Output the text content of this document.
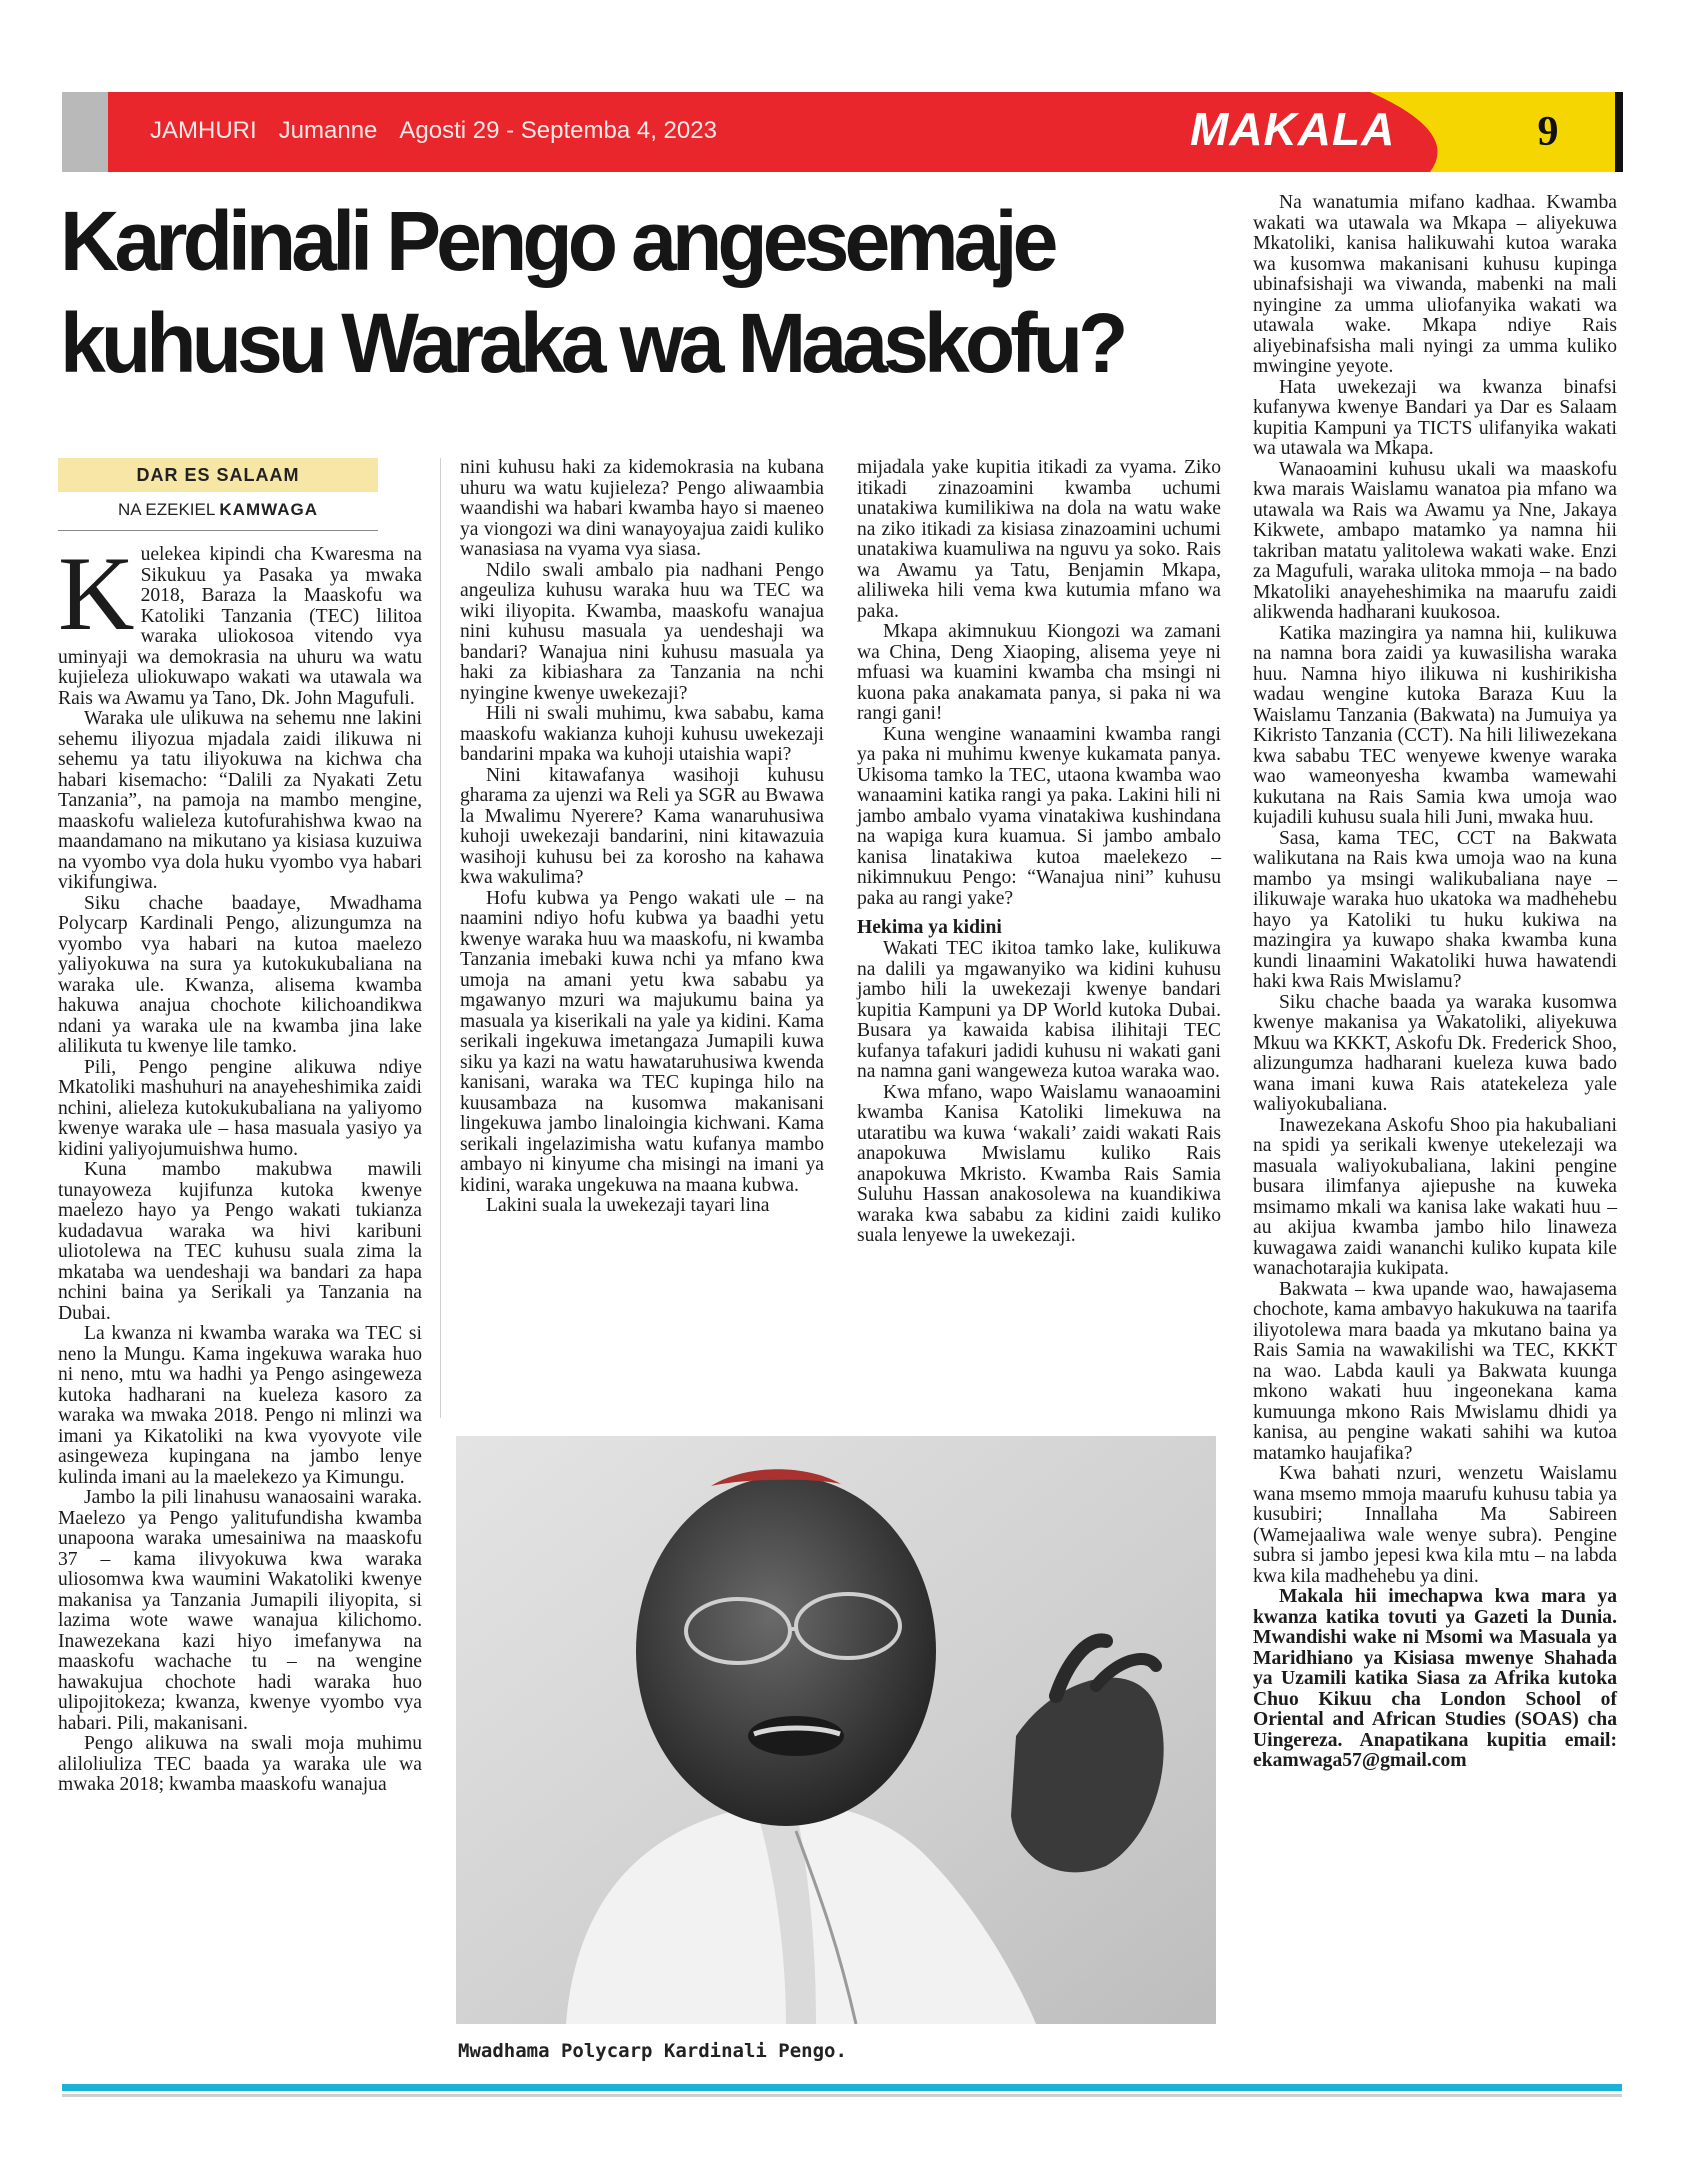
JAMHURI Jumanne Agosti 29 - Septemba 4, 2023	MAKALA	9
Kardinali Pengo angesemaje
kuhusu Waraka wa Maaskofu?
DAR ES SALAAM
NA EZEKIEL KAMWAGA

Kuelekea kipindi cha Kwaresma na Sikukuu ya Pasaka ya mwaka 2018, Baraza la Maaskofu wa Katoliki Tanzania (TEC) lilitoa waraka uliokosoa vitendo vya uminyaji wa demokrasia na uhuru wa watu kujieleza uliokuwapo wakati wa utawala wa Rais wa Awamu ya Tano, Dk. John Magufuli.

Waraka ule ulikuwa na sehemu nne lakini sehemu iliyozua mjadala zaidi ilikuwa ni sehemu ya tatu iliyokuwa na kichwa cha habari kisemacho: “Dalili za Nyakati Zetu Tanzania”, na pamoja na mambo mengine, maaskofu walieleza kutofurahishwa kwao na maandamano na mikutano ya kisiasa kuzuiwa na vyombo vya dola huku vyombo vya habari vikifungiwa.

Siku chache baadaye, Mwadhama Polycarp Kardinali Pengo, alizungumza na vyombo vya habari na kutoa maelezo yaliyokuwa na sura ya kutokukubaliana na waraka ule. Kwanza, alisema kwamba hakuwa anajua chochote kilichoandikwa ndani ya waraka ule na kwamba jina lake alilikuta tu kwenye lile tamko.

Pili, Pengo pengine alikuwa ndiye Mkatoliki mashuhuri na anayeheshimika zaidi nchini, alieleza kutokukubaliana na yaliyomo kwenye waraka ule – hasa masuala yasiyo ya kidini yaliyojumuishwa humo.

Kuna mambo makubwa mawili tunayoweza kujifunza kutoka kwenye maelezo hayo ya Pengo wakati tukianza kudadavua waraka wa hivi karibuni uliotolewa na TEC kuhusu suala zima la mkataba wa uendeshaji wa bandari za hapa nchini baina ya Serikali ya Tanzania na Dubai.

La kwanza ni kwamba waraka wa TEC si neno la Mungu. Kama ingekuwa waraka huo ni neno, mtu wa hadhi ya Pengo asingeweza kutoka hadharani na kueleza kasoro za waraka wa mwaka 2018. Pengo ni mlinzi wa imani ya Kikatoliki na kwa vyovyote vile asingeweza kupingana na jambo lenye kulinda imani au la maelekezo ya Kimungu.

Jambo la pili linahusu wanaosaini waraka. Maelezo ya Pengo yalitufundisha kwamba unapoona waraka umesainiwa na maaskofu 37 – kama ilivyokuwa kwa waraka uliosomwa kwa waumini Wakatoliki kwenye makanisa ya Tanzania Jumapili iliyopita, si lazima wote wawe wanajua kilichomo. Inawezekana kazi hiyo imefanywa na maaskofu wachache tu – na wengine hawakujua chochote hadi waraka huo ulipojitokeza; kwanza, kwenye vyombo vya habari. Pili, makanisani.

Pengo alikuwa na swali moja muhimu aliloliuliza TEC baada ya waraka ule wa mwaka 2018; kwamba maaskofu wanajua

nini kuhusu haki za kidemokrasia na kubana uhuru wa watu kujieleza? Pengo aliwaambia waandishi wa habari kwamba hayo si maeneo ya viongozi wa dini wanayoyajua zaidi kuliko wanasiasa na vyama vya siasa.

Ndilo swali ambalo pia nadhani Pengo angeuliza kuhusu waraka huu wa TEC wa wiki iliyopita. Kwamba, maaskofu wanajua nini kuhusu masuala ya uendeshaji wa bandari? Wanajua nini kuhusu masuala ya haki za kibiashara za Tanzania na nchi nyingine kwenye uwekezaji?

Hili ni swali muhimu, kwa sababu, kama maaskofu wakianza kuhoji kuhusu uwekezaji bandarini mpaka wa kuhoji utaishia wapi?

Nini kitawafanya wasihoji kuhusu gharama za ujenzi wa Reli ya SGR au Bwawa la Mwalimu Nyerere? Kama wanaruhusiwa kuhoji uwekezaji bandarini, nini kitawazuia wasihoji kuhusu bei za korosho na kahawa kwa wakulima?

Hofu kubwa ya Pengo wakati ule – na naamini ndiyo hofu kubwa ya baadhi yetu kwenye waraka huu wa maaskofu, ni kwamba Tanzania imebaki kuwa nchi ya mfano kwa umoja na amani yetu kwa sababu ya mgawanyo mzuri wa majukumu baina ya masuala ya kiserikali na yale ya kidini. Kama serikali ingekuwa imetangaza Jumapili kuwa siku ya kazi na watu hawataruhusiwa kwenda kanisani, waraka wa TEC kupinga hilo na kuusambaza na kusomwa makanisani lingekuwa jambo linaloingia kichwani. Kama serikali ingelazimisha watu kufanya mambo ambayo ni kinyume cha misingi na imani ya kidini, waraka ungekuwa na maana kubwa.

Lakini suala la uwekezaji tayari lina

mijadala yake kupitia itikadi za vyama. Ziko itikadi zinazoamini kwamba uchumi unatakiwa kumilikiwa na dola na watu wake na ziko itikadi za kisiasa zinazoamini uchumi unatakiwa kuamuliwa na nguvu ya soko. Rais wa Awamu ya Tatu, Benjamin Mkapa, aliliweka hili vema kwa kutumia mfano wa paka.

Mkapa akimnukuu Kiongozi wa zamani wa China, Deng Xiaoping, alisema yeye ni mfuasi wa kuamini kwamba cha msingi ni kuona paka anakamata panya, si paka ni wa rangi gani!

Kuna wengine wanaamini kwamba rangi ya paka ni muhimu kwenye kukamata panya. Ukisoma tamko la TEC, utaona kwamba wao wanaamini katika rangi ya paka. Lakini hili ni jambo ambalo vyama vinatakiwa kushindana na wapiga kura kuamua. Si jambo ambalo kanisa linatakiwa kutoa maelekezo – nikimnukuu Pengo: “Wanajua nini” kuhusu paka au rangi yake?

Hekima ya kidini

Wakati TEC ikitoa tamko lake, kulikuwa na dalili ya mgawanyiko wa kidini kuhusu jambo hili la uwekezaji kwenye bandari kupitia Kampuni ya DP World kutoka Dubai. Busara ya kawaida kabisa ilihitaji TEC kufanya tafakuri jadidi kuhusu ni wakati gani na namna gani wangeweza kutoa waraka wao.

Kwa mfano, wapo Waislamu wanaoamini kwamba Kanisa Katoliki limekuwa na utaratibu wa kuwa ‘wakali’ zaidi wakati Rais anapokuwa Mwislamu kuliko Rais anapokuwa Mkristo. Kwamba Rais Samia Suluhu Hassan anakosolewa na kuandikiwa waraka kwa sababu za kidini zaidi kuliko suala lenyewe la uwekezaji.

Mwadhama Polycarp Kardinali Pengo.

Na wanatumia mifano kadhaa. Kwamba wakati wa utawala wa Mkapa – aliyekuwa Mkatoliki, kanisa halikuwahi kutoa waraka wa kusomwa makanisani kuhusu kupinga ubinafsishaji wa viwanda, mabenki na mali nyingine za umma uliofanyika wakati wa utawala wake. Mkapa ndiye Rais aliyebinafsisha mali nyingi za umma kuliko mwingine yeyote.

Hata uwekezaji wa kwanza binafsi kufanywa kwenye Bandari ya Dar es Salaam kupitia Kampuni ya TICTS ulifanyika wakati wa utawala wa Mkapa.

Wanaoamini kuhusu ukali wa maaskofu kwa marais Waislamu wanatoa pia mfano wa utawala wa Rais wa Awamu ya Nne, Jakaya Kikwete, ambapo matamko ya namna hii takriban matatu yalitolewa wakati wake. Enzi za Magufuli, waraka ulitoka mmoja – na bado Mkatoliki anayeheshimika na maarufu zaidi alikwenda hadharani kuukosoa.

Katika mazingira ya namna hii, kulikuwa na namna bora zaidi ya kuwasilisha waraka huu. Namna hiyo ilikuwa ni kushirikisha wadau wengine kutoka Baraza Kuu la Waislamu Tanzania (Bakwata) na Jumuiya ya Kikristo Tanzania (CCT). Na hili liliwezekana kwa sababu TEC wenyewe kwenye waraka wao wameonyesha kwamba wamewahi kukutana na Rais Samia kwa umoja wao kujadili kuhusu suala hili Juni, mwaka huu.

Sasa, kama TEC, CCT na Bakwata walikutana na Rais kwa umoja wao na kuna mambo ya msingi walikubaliana naye – ilikuwaje waraka huo ukatoka wa madhehebu hayo ya Katoliki tu huku kukiwa na mazingira ya kuwapo shaka kwamba kuna kundi linaamini Wakatoliki huwa hawatendi haki kwa Rais Mwislamu?

Siku chache baada ya waraka kusomwa kwenye makanisa ya Wakatoliki, aliyekuwa Mkuu wa KKKT, Askofu Dk. Frederick Shoo, alizungumza hadharani kueleza kuwa bado wana imani kuwa Rais atatekeleza yale waliyokubaliana.

Inawezekana Askofu Shoo pia hakubaliani na spidi ya serikali kwenye utekelezaji wa masuala waliyokubaliana, lakini pengine busara ilimfanya ajiepushe na kuweka msimamo mkali wa kanisa lake wakati huu – au akijua kwamba jambo hilo linaweza kuwagawa zaidi wananchi kuliko kupata kile wanachotarajia kukipata.

Bakwata – kwa upande wao, hawajasema chochote, kama ambavyo hakukuwa na taarifa iliyotolewa mara baada ya mkutano baina ya Rais Samia na wawakilishi wa TEC, KKKT na wao. Labda kauli ya Bakwata kuunga mkono wakati huu ingeonekana kama kumuunga mkono Rais Mwislamu dhidi ya kanisa, au pengine wakati sahihi wa kutoa matamko haujafika?

Kwa bahati nzuri, wenzetu Waislamu wana msemo mmoja maarufu kuhusu tabia ya kusubiri; Innallaha Ma Sabireen (Wamejaaliwa wale wenye subra). Pengine subra si jambo jepesi kwa kila mtu – na labda kwa kila madhehebu ya dini.

Makala hii imechapwa kwa mara ya kwanza katika tovuti ya Gazeti la Dunia. Mwandishi wake ni Msomi wa Masuala ya Maridhiano ya Kisiasa mwenye Shahada ya Uzamili katika Siasa za Afrika kutoka Chuo Kikuu cha London School of Oriental and African Studies (SOAS) cha Uingereza. Anapatikana kupitia email: ekamwaga57@gmail.com
